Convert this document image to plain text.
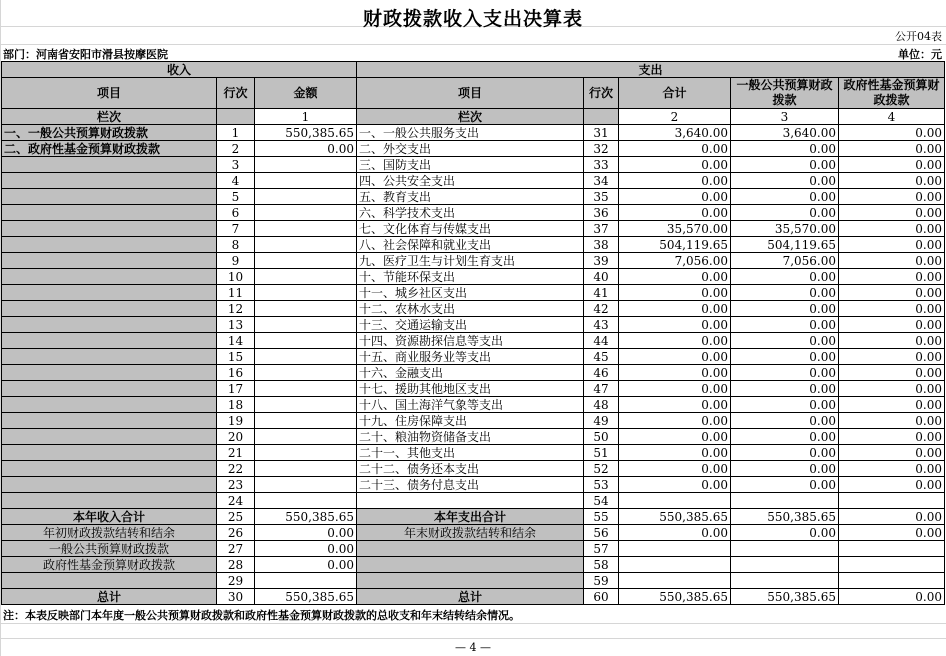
财政拨款收入支出决算表
公开04表
部门：河南省安阳市滑县按摩医院	单位：元
收入			支出				
项目	行次	金额	项目	行次	合计	一般公共预算财政拨款	政府性基金预算财政拨款
栏次		1	栏次		2	3	4
一、一般公共预算财政拨款	1	550,385.65	一、一般公共服务支出	31	3,640.00	3,640.00	0.00
二、政府性基金预算财政拨款	2	0.00	二、外交支出	32	0.00	0.00	0.00
	3		三、国防支出	33	0.00	0.00	0.00
	4		四、公共安全支出	34	0.00	0.00	0.00
	5		五、教育支出	35	0.00	0.00	0.00
	6		六、科学技术支出	36	0.00	0.00	0.00
	7		七、文化体育与传媒支出	37	35,570.00	35,570.00	0.00
	8		八、社会保障和就业支出	38	504,119.65	504,119.65	0.00
	9		九、医疗卫生与计划生育支出	39	7,056.00	7,056.00	0.00
	10		十、节能环保支出	40	0.00	0.00	0.00
	11		十一、城乡社区支出	41	0.00	0.00	0.00
	12		十二、农林水支出	42	0.00	0.00	0.00
	13		十三、交通运输支出	43	0.00	0.00	0.00
	14		十四、资源勘探信息等支出	44	0.00	0.00	0.00
	15		十五、商业服务业等支出	45	0.00	0.00	0.00
	16		十六、金融支出	46	0.00	0.00	0.00
	17		十七、援助其他地区支出	47	0.00	0.00	0.00
	18		十八、国土海洋气象等支出	48	0.00	0.00	0.00
	19		十九、住房保障支出	49	0.00	0.00	0.00
	20		二十、粮油物资储备支出	50	0.00	0.00	0.00
	21		二十一、其他支出	51	0.00	0.00	0.00
	22		二十二、债务还本支出	52	0.00	0.00	0.00
	23		二十三、债务付息支出	53	0.00	0.00	0.00
	24			54			
本年收入合计	25	550,385.65	本年支出合计	55	550,385.65	550,385.65	0.00
年初财政拨款结转和结余	26	0.00	年末财政拨款结转和结余	56	0.00	0.00	0.00
一般公共预算财政拨款	27	0.00		57			
政府性基金预算财政拨款	28	0.00		58			
	29			59			
总计	30	550,385.65	总计	60	550,385.65	550,385.65	0.00
注：本表反映部门本年度一般公共预算财政拨款和政府性基金预算财政拨款的总收支和年末结转结余情况。
— 4 —
